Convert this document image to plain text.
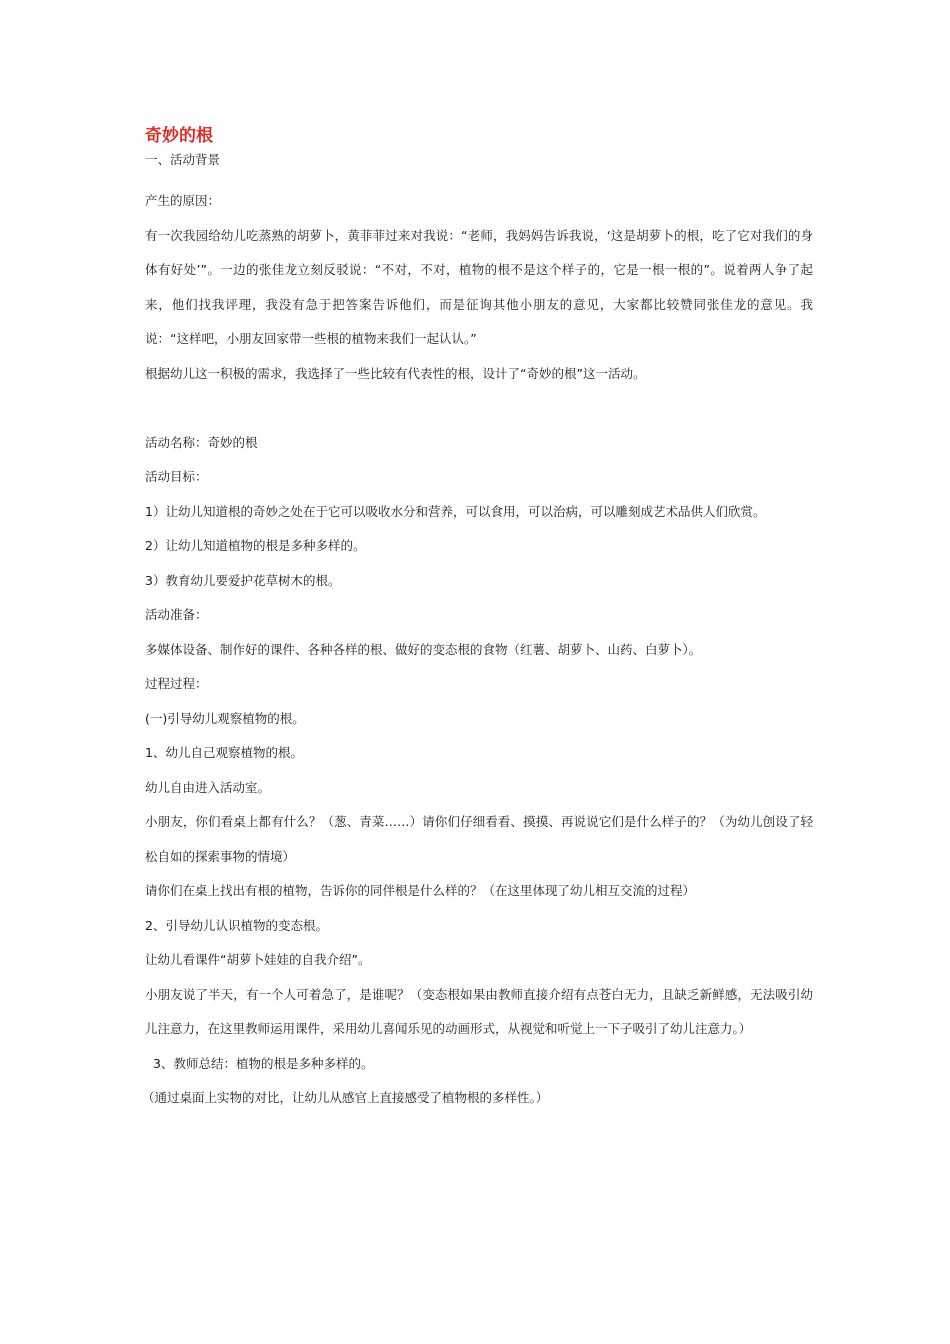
奇妙的根
一、活动背景

产生的原因：

有一次我园给幼儿吃蒸熟的胡萝卜，黄菲菲过来对我说：“老师，我妈妈告诉我说，‘这是胡萝卜的根，吃了它对我们的身体有好处’”。一边的张佳龙立刻反驳说：“不对，不对，植物的根不是这个样子的，它是一根一根的”。说着两人争了起来，他们找我评理，我没有急于把答案告诉他们，而是征询其他小朋友的意见，大家都比较赞同张佳龙的意见。我说：“这样吧，小朋友回家带一些根的植物来我们一起认认。”

根据幼儿这一积极的需求，我选择了一些比较有代表性的根，设计了“奇妙的根”这一活动。

活动名称：奇妙的根

活动目标：

1）让幼儿知道根的奇妙之处在于它可以吸收水分和营养，可以食用，可以治病，可以雕刻成艺术品供人们欣赏。

2）让幼儿知道植物的根是多种多样的。

3）教育幼儿要爱护花草树木的根。

活动准备：

多媒体设备、制作好的课件、各种各样的根、做好的变态根的食物（红薯、胡萝卜、山药、白萝卜）。

过程过程：

(一)引导幼儿观察植物的根。

1、幼儿自己观察植物的根。

幼儿自由进入活动室。

小朋友，你们看桌上都有什么？（葱、青菜……）请你们仔细看看、摸摸、再说说它们是什么样子的？（为幼儿创设了轻松自如的探索事物的情境）

请你们在桌上找出有根的植物，告诉你的同伴根是什么样的？（在这里体现了幼儿相互交流的过程）

2、引导幼儿认识植物的变态根。

让幼儿看课件“胡萝卜娃娃的自我介绍”。

小朋友说了半天，有一个人可着急了，是谁呢？（变态根如果由教师直接介绍有点苍白无力，且缺乏新鲜感，无法吸引幼儿注意力，在这里教师运用课件，采用幼儿喜闻乐见的动画形式，从视觉和听觉上一下子吸引了幼儿注意力。）

3、教师总结：植物的根是多种多样的。

（通过桌面上实物的对比，让幼儿从感官上直接感受了植物根的多样性。）
